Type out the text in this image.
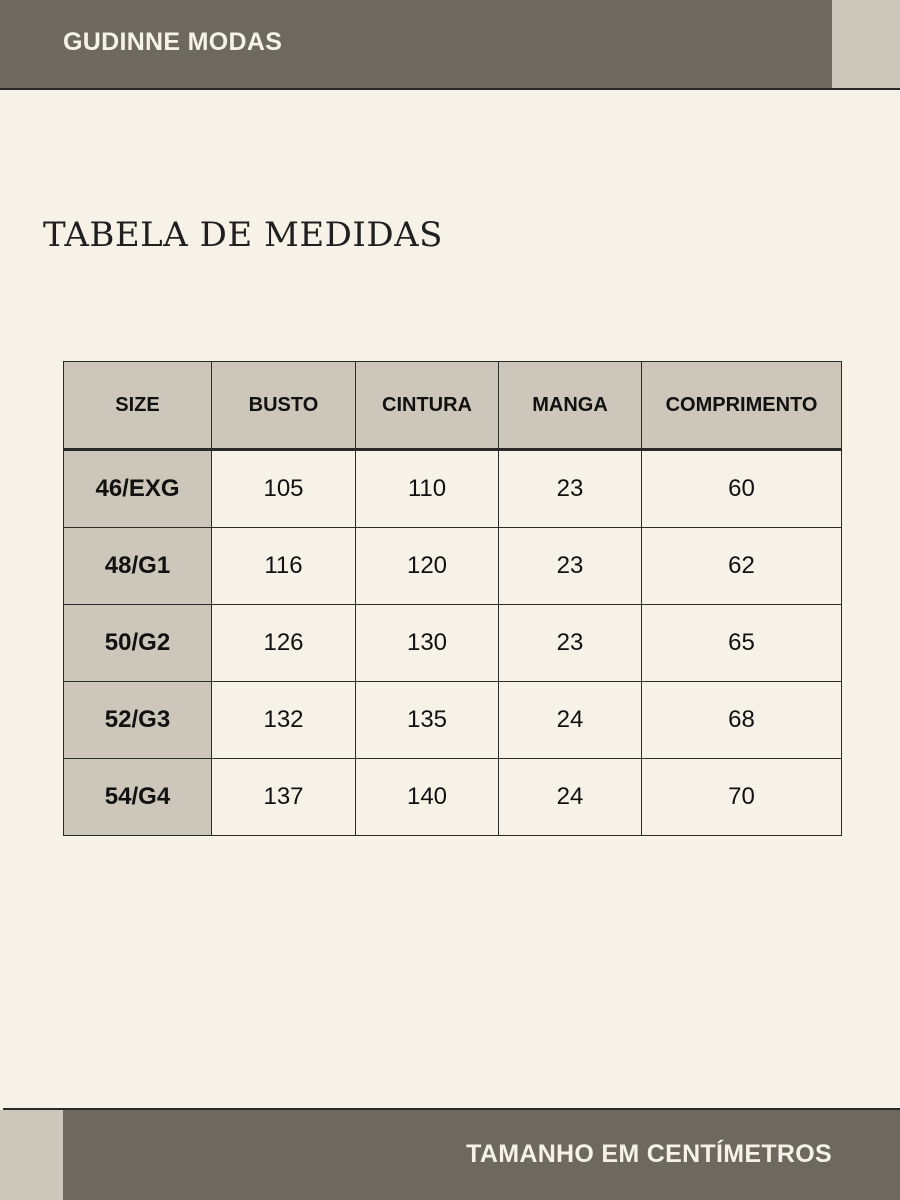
GUDINNE MODAS
TABELA DE MEDIDAS
SIZE	BUSTO	CINTURA	MANGA	COMPRIMENTO
46/EXG	105	110	23	60
48/G1	116	120	23	62
50/G2	126	130	23	65
52/G3	132	135	24	68
54/G4	137	140	24	70
TAMANHO EM CENTÍMETROS
